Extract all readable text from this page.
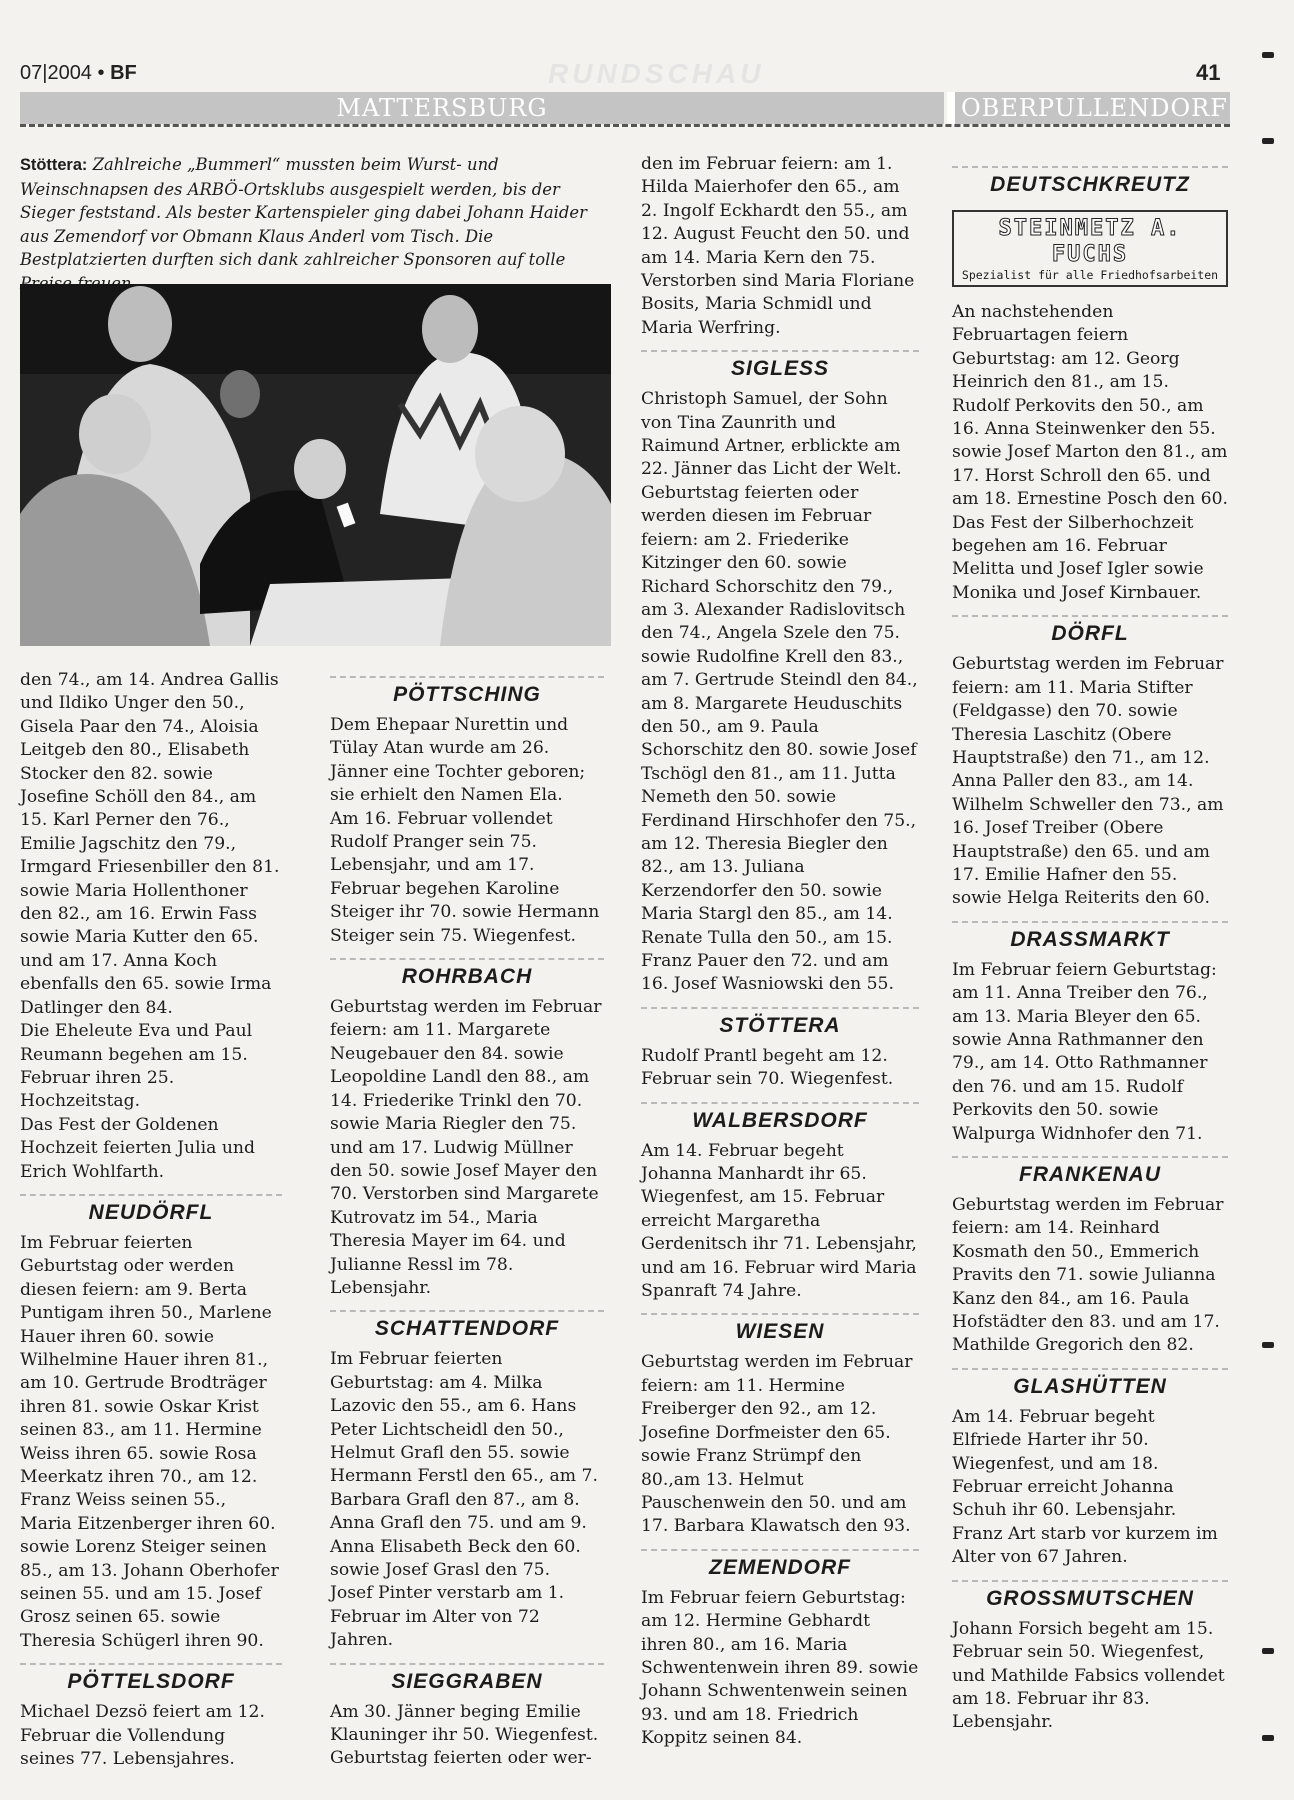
07|2004 • BF	RUNDSCHAU	41
MATTERSBURG	OBERPULLENDORF
Stöttera: Zahlreiche „Bummerl“ mussten beim Wurst- und Weinschnapsen des ARBÖ-Ortsklubs ausgespielt werden, bis der Sieger feststand. Als bester Kartenspieler ging dabei Johann Haider aus Zemendorf vor Obmann Klaus Anderl vom Tisch. Die Bestplatzierten durften sich dank zahlreicher Sponsoren auf tolle

den 74., am 14. Andrea Gallis und Ildiko Unger den 50., Gisela Paar den 74., Aloisia Leitgeb den 80., Elisabeth Stocker den 82. sowie Josefine Schöll den 84., am 15. Karl Perner den 76., Emilie Jagschitz den 79., Irmgard Friesenbiller den 81. sowie Maria Hollenthoner den 82., am 16. Erwin Fass sowie Maria Kutter den 65. und am 17. Anna Koch ebenfalls den 65. sowie Irma Datlinger den 84.

Die Eheleute Eva und Paul Reumann begehen am 15. Februar ihren 25. Hochzeitstag.

Das Fest der Goldenen Hochzeit feierten Julia und Erich Wohlfarth.

NEUDÖRFL

Im Februar feierten Geburtstag oder werden diesen feiern: am 9. Berta Puntigam ihren 50., Marlene Hauer ihren 60. sowie Wilhelmine Hauer ihren 81., am 10. Gertrude Brodträger ihren 81. sowie Oskar Krist seinen 83., am 11. Hermine Weiss ihren 65. sowie Rosa Meerkatz ihren 70., am 12. Franz Weiss seinen 55., Maria Eitzenberger ihren 60. sowie Lorenz Steiger seinen 85., am 13. Johann Oberhofer seinen 55. und am 15. Josef Grosz seinen 65. sowie Theresia Schügerl ihren 90.

PÖTTELSDORF

Michael Dezsö feiert am 12. Februar die Vollendung seines 77. Lebensjahres.

PÖTTSCHING

Dem Ehepaar Nurettin und Tülay Atan wurde am 26. Jänner eine Tochter geboren; sie erhielt den Namen Ela.

Am 16. Februar vollendet Rudolf Pranger sein 75. Lebensjahr, und am 17. Februar begehen Karoline Steiger ihr 70. sowie Hermann Steiger sein 75. Wiegenfest.

ROHRBACH

Geburtstag werden im Februar feiern: am 11. Margarete Neugebauer den 84. sowie Leopoldine Landl den 88., am 14. Friederike Trinkl den 70. sowie Maria Riegler den 75. und am 17. Ludwig Müllner den 50. sowie Josef Mayer den 70. Verstorben sind Margarete Kutrovatz im 54., Maria Theresia Mayer im 64. und Julianne Ressl im 78. Lebensjahr.

SCHATTENDORF

Im Februar feierten Geburtstag: am 4. Milka Lazovic den 55., am 6. Hans Peter Lichtscheidl den 50., Helmut Grafl den 55. sowie Hermann Ferstl den 65., am 7. Barbara Grafl den 87., am 8. Anna Grafl den 75. und am 9. Anna Elisabeth Beck den 60. sowie Josef Grasl den 75.

Josef Pinter verstarb am 1. Februar im Alter von 72 Jahren.

SIEGGRABEN

Am 30. Jänner beging Emilie Klauninger ihr 50. Wiegenfest. Geburtstag feierten oder wer-

den im Februar feiern: am 1. Hilda Maierhofer den 65., am 2. Ingolf Eckhardt den 55., am 12. August Feucht den 50. und am 14. Maria Kern den 75. Verstorben sind Maria Floriane Bosits, Maria Schmidl und Maria Werfring.

SIGLESS

Christoph Samuel, der Sohn von Tina Zaunrith und Raimund Artner, erblickte am 22. Jänner das Licht der Welt.

Geburtstag feierten oder werden diesen im Februar feiern: am 2. Friederike Kitzinger den 60. sowie Richard Schorschitz den 79., am 3. Alexander Radislovitsch den 74., Angela Szele den 75. sowie Rudolfine Krell den 83., am 7. Gertrude Steindl den 84., am 8. Margarete Heuduschits den 50., am 9. Paula Schorschitz den 80. sowie Josef Tschögl den 81., am 11. Jutta Nemeth den 50. sowie Ferdinand Hirschhofer den 75., am 12. Theresia Biegler den 82., am 13. Juliana Kerzendorfer den 50. sowie Maria Stargl den 85., am 14. Renate Tulla den 50., am 15. Franz Pauer den 72. und am 16. Josef Wasniowski den 55.

STÖTTERA

Rudolf Prantl begeht am 12. Februar sein 70. Wiegenfest.

WALBERSDORF

Am 14. Februar begeht Johanna Manhardt ihr 65. Wiegenfest, am 15. Februar erreicht Margaretha Gerdenitsch ihr 71. Lebensjahr, und am 16. Februar wird Maria Spanraft 74 Jahre.

WIESEN

Geburtstag werden im Februar feiern: am 11. Hermine Freiberger den 92., am 12. Josefine Dorfmeister den 65. sowie Franz Strümpf den 80.,am 13. Helmut Pauschenwein den 50. und am 17. Barbara Klawatsch den 93.

ZEMENDORF

Im Februar feiern Geburtstag: am 12. Hermine Gebhardt ihren 80., am 16. Maria Schwentenwein ihren 89. sowie Johann Schwentenwein seinen 93. und am 18. Friedrich Koppitz seinen 84.

DEUTSCHKREUTZ
STEINMETZ A. FUCHS
Spezialist für alle Friedhofsarbeiten

An nachstehenden Februartagen feiern Geburtstag: am 12. Georg Heinrich den 81., am 15. Rudolf Perkovits den 50., am 16. Anna Steinwenker den 55. sowie Josef Marton den 81., am 17. Horst Schroll den 65. und am 18. Ernestine Posch den 60.

Das Fest der Silberhochzeit begehen am 16. Februar Melitta und Josef Igler sowie Monika und Josef Kirnbauer.

DÖRFL

Geburtstag werden im Februar feiern: am 11. Maria Stifter (Feldgasse) den 70. sowie Theresia Laschitz (Obere Hauptstraße) den 71., am 12. Anna Paller den 83., am 14. Wilhelm Schweller den 73., am 16. Josef Treiber (Obere Hauptstraße) den 65. und am 17. Emilie Hafner den 55. sowie Helga Reiterits den 60.

DRASSMARKT

Im Februar feiern Geburtstag: am 11. Anna Treiber den 76., am 13. Maria Bleyer den 65. sowie Anna Rathmanner den 79., am 14. Otto Rathmanner den 76. und am 15. Rudolf Perkovits den 50. sowie Walpurga Widnhofer den 71.

FRANKENAU

Geburtstag werden im Februar feiern: am 14. Reinhard Kosmath den 50., Emmerich Pravits den 71. sowie Julianna Kanz den 84., am 16. Paula Hofstädter den 83. und am 17. Mathilde Gregorich den 82.

GLASHÜTTEN

Am 14. Februar begeht Elfriede Harter ihr 50. Wiegenfest, und am 18. Februar erreicht Johanna Schuh ihr 60. Lebensjahr.

Franz Art starb vor kurzem im Alter von 67 Jahren.

GROSSMUTSCHEN

Johann Forsich begeht am 15. Februar sein 50. Wiegenfest, und Mathilde Fabsics vollendet am 18. Februar ihr 83. Lebensjahr.
